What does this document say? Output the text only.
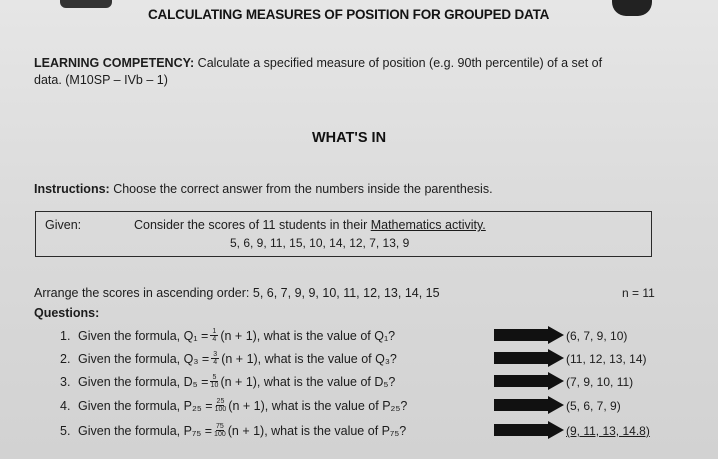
CALCULATING MEASURES OF POSITION FOR GROUPED DATA
LEARNING COMPETENCY: Calculate a specified measure of position (e.g. 90th percentile) of a set of data. (M10SP – IVb – 1)
WHAT'S IN
Instructions: Choose the correct answer from the numbers inside the parenthesis.
Given:	Consider the scores of 11 students in their Mathematics activity.
5, 6, 9, 11, 15, 10, 14, 12, 7, 13, 9
Arrange the scores in ascending order: 5, 6, 7, 9, 9, 10, 11, 12, 13, 14, 15	n = 11
Questions:
1. Given the formula, $Q_1 = \frac{1}{4} (n + 1)$, what is the value of Q₁?	(6, 7, 9, 10)
2. Given the formula, $Q_3 = \frac{3}{4} (n + 1)$, what is the value of Q₃?	(11, 12, 13, 14)
3. Given the formula, $D_5 = \frac{5}{10} (n + 1)$, what is the value of D₅?	(7, 9, 10, 11)
4. Given the formula, $P_{25} = \frac{25}{100} (n + 1)$, what is the value of P₂₅?	(5, 6, 7, 9)
5. Given the formula, $P_{75} = \frac{75}{100} (n + 1)$, what is the value of P₇₅?	(9, 11, 13, 14.8)
